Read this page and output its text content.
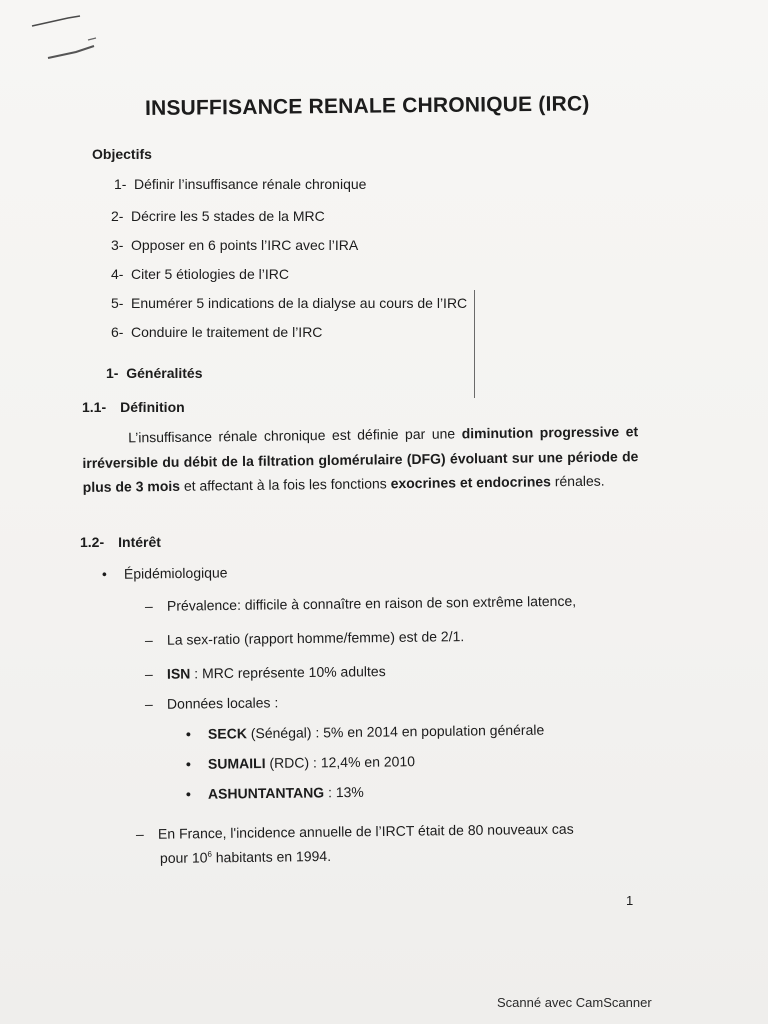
INSUFFISANCE RENALE CHRONIQUE (IRC)
Objectifs
1- Définir l’insuffisance rénale chronique
2- Décrire les 5 stades de la MRC
3- Opposer en 6 points l’IRC avec l’IRA
4- Citer 5 étiologies de l’IRC
5- Enumérer 5 indications de la dialyse au cours de l’IRC
6- Conduire le traitement de l’IRC
1- Généralités
1.1- Définition
L’insuffisance rénale chronique est définie par une diminution progressive et irréversible du débit de la filtration glomérulaire (DFG) évoluant sur une période de plus de 3 mois et affectant à la fois les fonctions exocrines et endocrines rénales.
1.2- Intérêt
• Épidémiologique
– Prévalence: difficile à connaître en raison de son extrême latence,
– La sex-ratio (rapport homme/femme) est de 2/1.
– ISN : MRC représente 10% adultes
– Données locales :
• SECK (Sénégal) : 5% en 2014 en population générale
• SUMAILI (RDC) : 12,4% en 2010
• ASHUNTANTANG : 13%
– En France, l'incidence annuelle de l’IRCT était de 80 nouveaux cas
pour $10^6$ habitants en 1994.
1
Scanné avec CamScanner
